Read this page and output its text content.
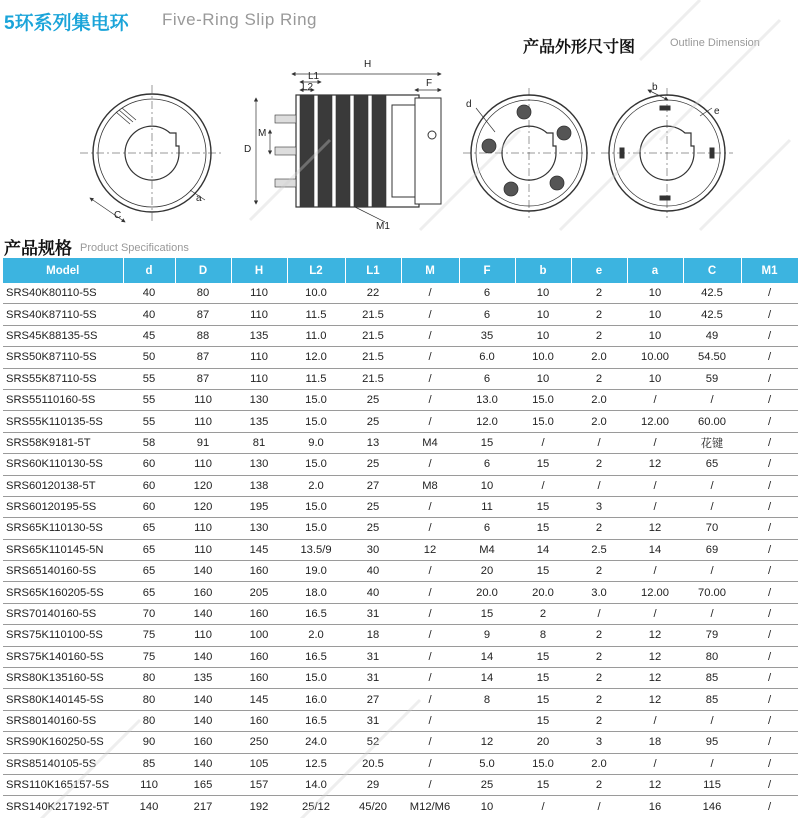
5环系列集电环 Five-Ring Slip Ring
产品外形尺寸图	Outline Dimension
C
a
H
L1
L2	F
D
M
M1
d
b
e
产品规格 Product Specifications
Model	d	D	H	L2	L1	M	F	b	e	a	C	M1
SRS40K80110-5S	40	80	110	10.0	22	/	6	10	2	10	42.5	/
SRS40K87110-5S	40	87	110	11.5	21.5	/	6	10	2	10	42.5	/
SRS45K88135-5S	45	88	135	11.0	21.5	/	35	10	2	10	49	/
SRS50K87110-5S	50	87	110	12.0	21.5	/	6.0	10.0	2.0	10.00	54.50	/
SRS55K87110-5S	55	87	110	11.5	21.5	/	6	10	2	10	59	/
SRS55110160-5S	55	110	130	15.0	25	/	13.0	15.0	2.0	/	/	/
SRS55K110135-5S	55	110	135	15.0	25	/	12.0	15.0	2.0	12.00	60.00	/
SRS58K9181-5T	58	91	81	9.0	13	M4	15	/	/	/	花键	/
SRS60K110130-5S	60	110	130	15.0	25	/	6	15	2	12	65	/
SRS60120138-5T	60	120	138	2.0	27	M8	10	/	/	/	/	/
SRS60120195-5S	60	120	195	15.0	25	/	11	15	3	/	/	/
SRS65K110130-5S	65	110	130	15.0	25	/	6	15	2	12	70	/
SRS65K110145-5N	65	110	145	13.5/9	30	12	M4	14	2.5	14	69	/
SRS65140160-5S	65	140	160	19.0	40	/	20	15	2	/	/	/
SRS65K160205-5S	65	160	205	18.0	40	/	20.0	20.0	3.0	12.00	70.00	/
SRS70140160-5S	70	140	160	16.5	31	/	15	2	/	/	/	/
SRS75K110100-5S	75	110	100	2.0	18	/	9	8	2	12	79	/
SRS75K140160-5S	75	140	160	16.5	31	/	14	15	2	12	80	/
SRS80K135160-5S	80	135	160	15.0	31	/	14	15	2	12	85	/
SRS80K140145-5S	80	140	145	16.0	27	/	8	15	2	12	85	/
SRS80140160-5S	80	140	160	16.5	31	/		15	2	/	/	/
SRS90K160250-5S	90	160	250	24.0	52	/	12	20	3	18	95	/
SRS85140105-5S	85	140	105	12.5	20.5	/	5.0	15.0	2.0	/	/	/
SRS110K165157-5S	110	165	157	14.0	29	/	25	15	2	12	115	/
SRS140K217192-5T	140	217	192	25/12	45/20	M12/M6	10	/	/	16	146	/
